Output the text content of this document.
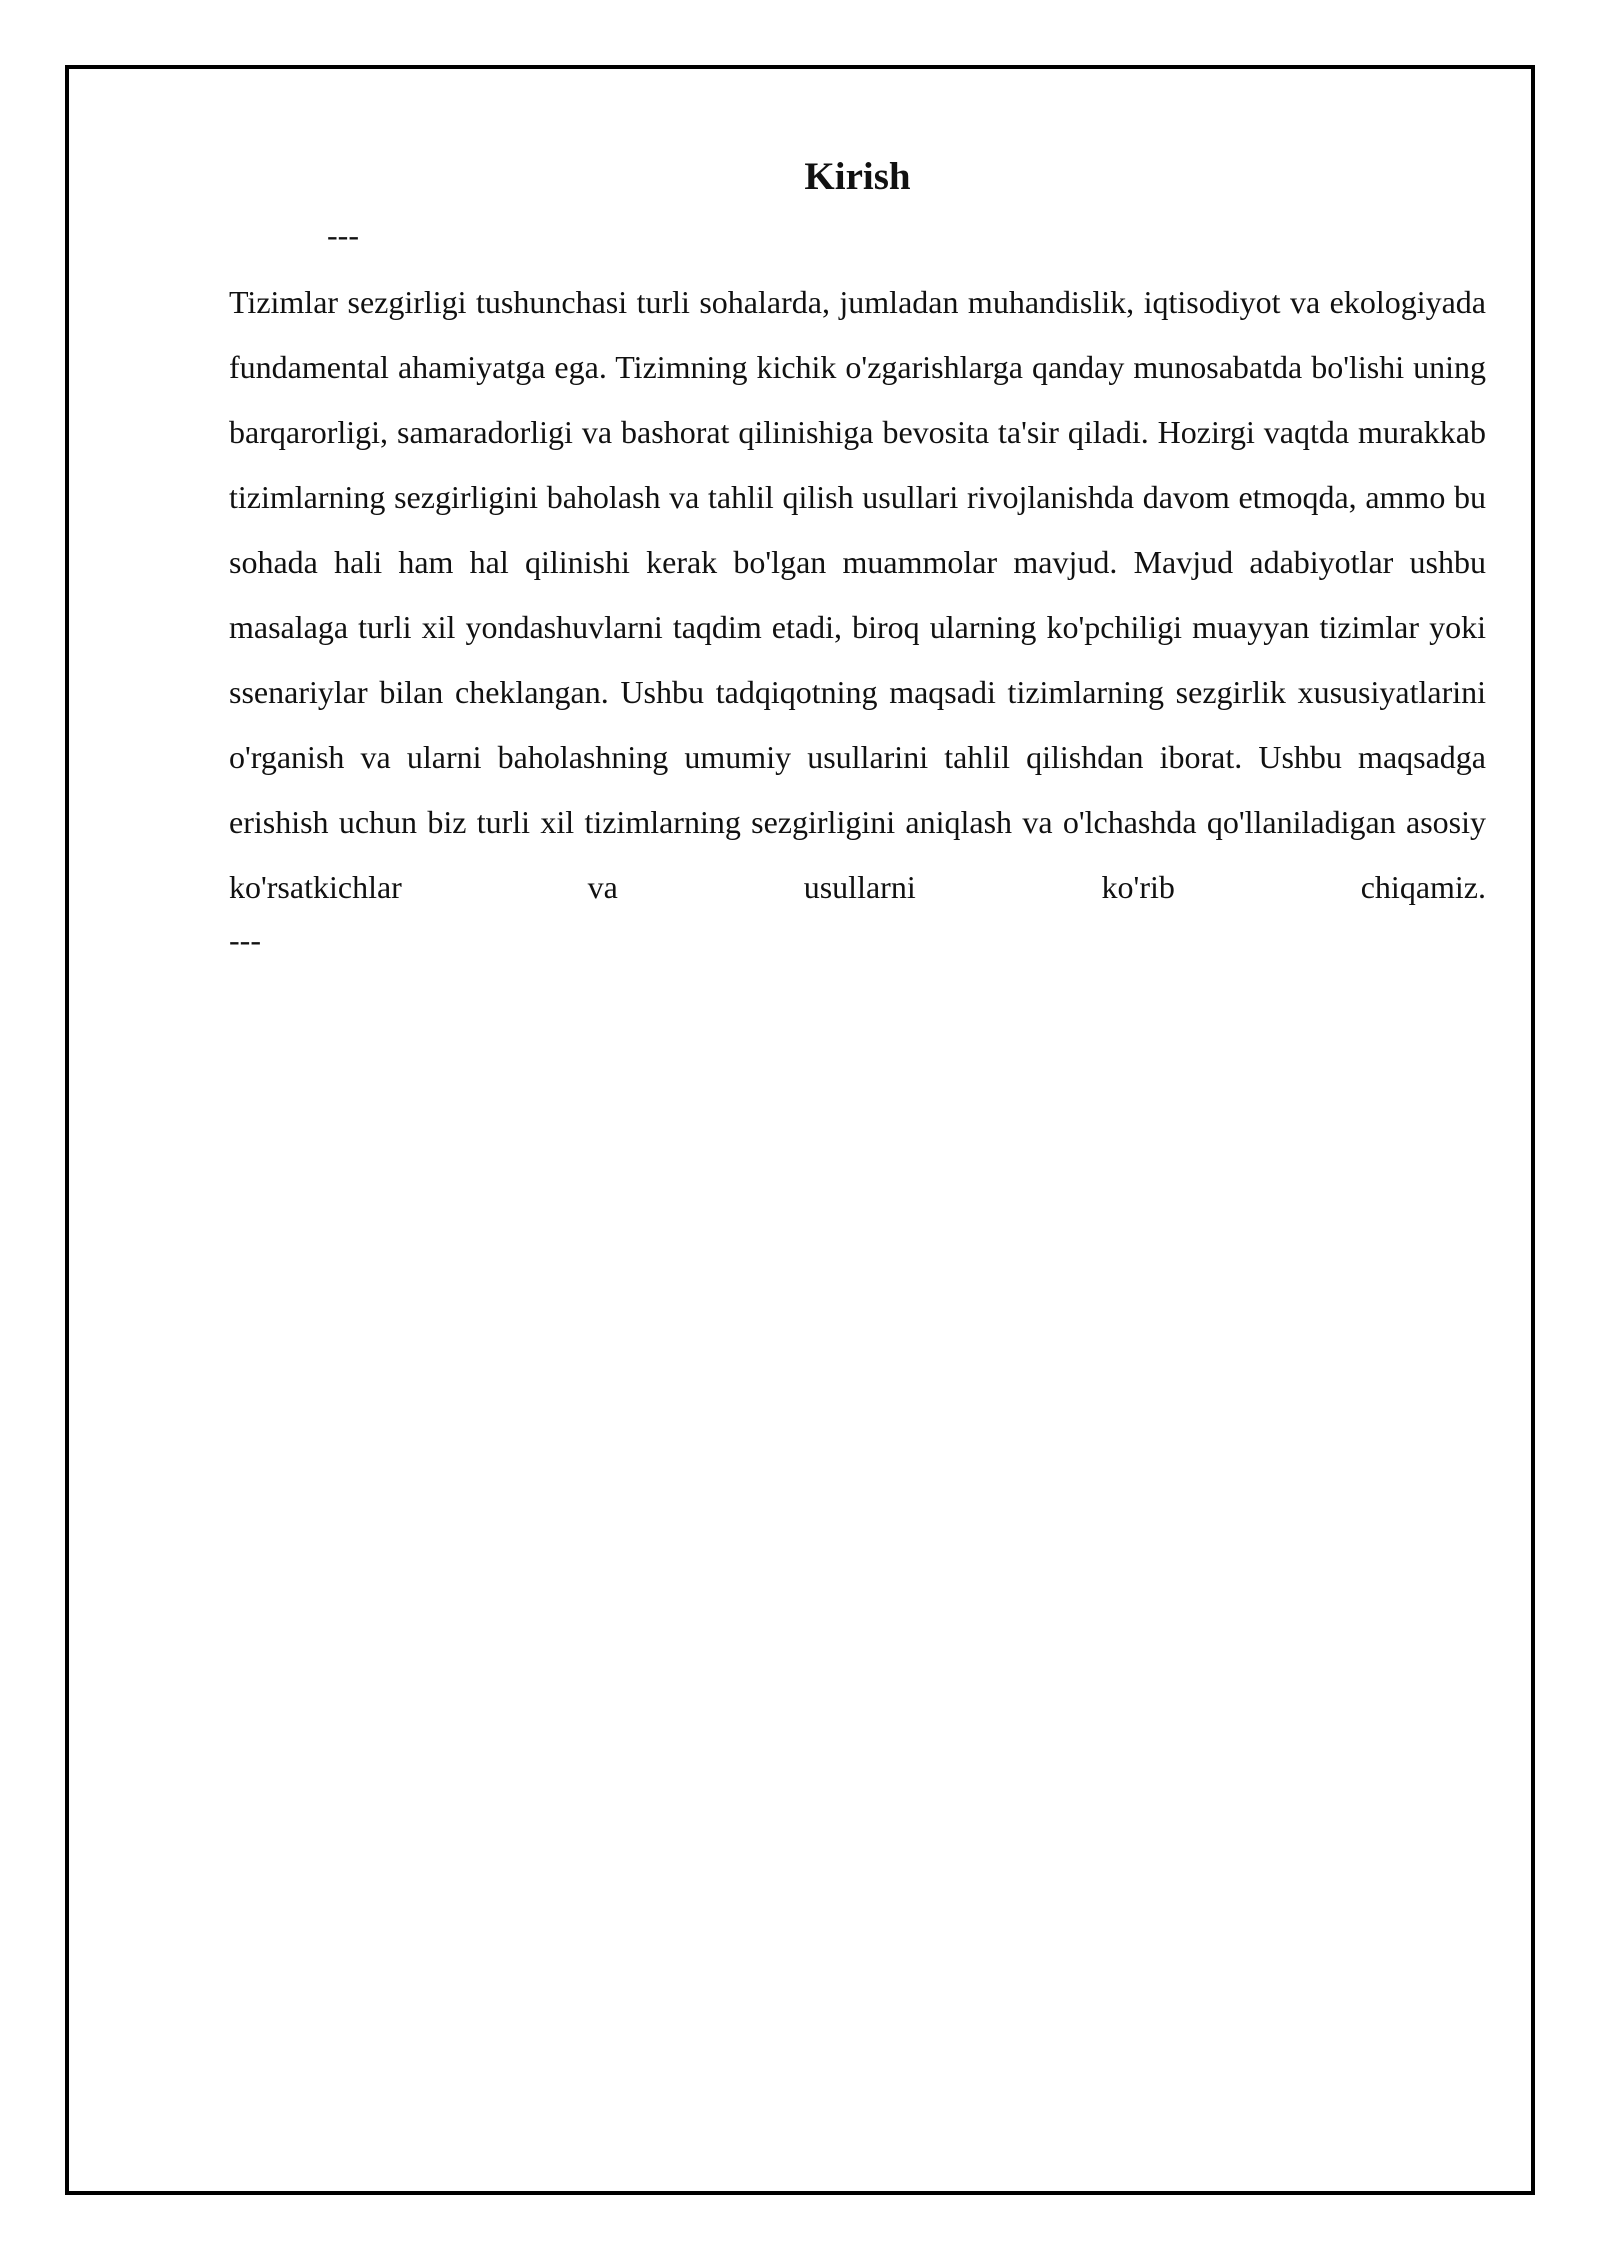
Kirish
---

Tizimlar sezgirligi tushunchasi turli sohalarda, jumladan muhandislik, iqtisodiyot va ekologiyada fundamental ahamiyatga ega. Tizimning kichik o'zgarishlarga qanday munosabatda bo'lishi uning barqarorligi, samaradorligi va bashorat qilinishiga bevosita ta'sir qiladi. Hozirgi vaqtda murakkab tizimlarning sezgirligini baholash va tahlil qilish usullari rivojlanishda davom etmoqda, ammo bu sohada hali ham hal qilinishi kerak bo'lgan muammolar mavjud. Mavjud adabiyotlar ushbu masalaga turli xil yondashuvlarni taqdim etadi, biroq ularning ko'pchiligi muayyan tizimlar yoki ssenariylar bilan cheklangan. Ushbu tadqiqotning maqsadi tizimlarning sezgirlik xususiyatlarini o'rganish va ularni baholashning umumiy usullarini tahlil qilishdan iborat. Ushbu maqsadga erishish uchun biz turli xil tizimlarning sezgirligini aniqlash va o'lchashda qo'llaniladigan asosiy ko'rsatkichlar va usullarni ko'rib chiqamiz.

---
